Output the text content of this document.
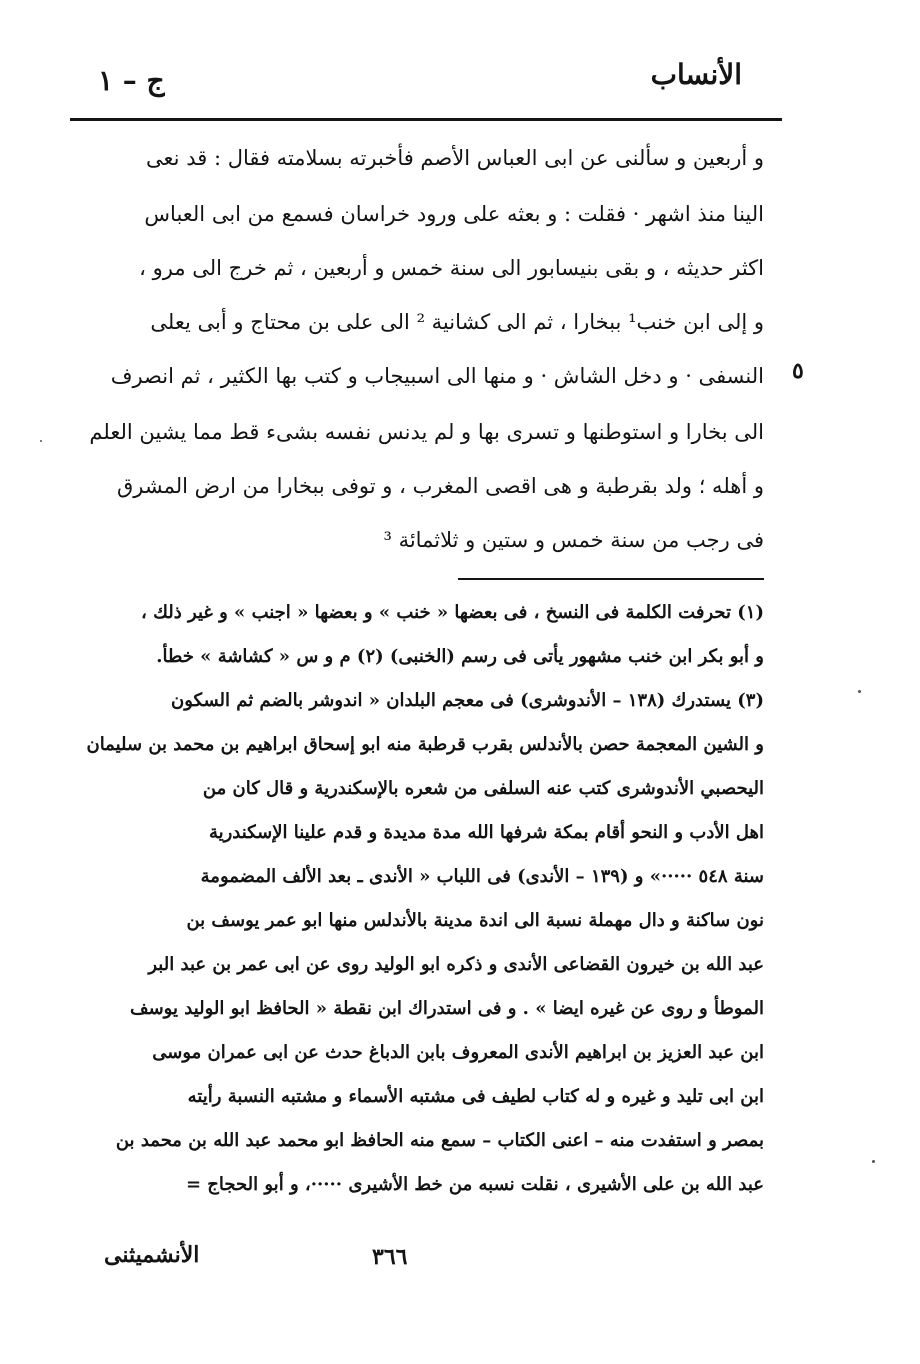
الأنساب
ج – ١
و أربعين و سألنى عن ابى العباس الأصم فأخبرته بسلامته فقال : قد نعى
الينا منذ اشهر · فقلت : و بعثه على ورود خراسان فسمع من ابى العباس
اكثر حديثه ، و بقى بنيسابور الى سنة خمس و أربعين ، ثم خرج الى مرو ،
و إلى ابن خنب¹ ببخارا ، ثم الى كشانية ² الى على بن محتاج و أبى يعلى
النسفى · و دخل الشاش · و منها الى اسبيجاب و كتب بها الكثير ، ثم انصرف
الى بخارا و استوطنها و تسرى بها و لم يدنس نفسه بشىء قط مما يشين العلم
و أهله ؛ ولد بقرطبة و هى اقصى المغرب ، و توفى ببخارا من ارض المشرق
فى رجب من سنة خمس و ستين و ثلاثمائة ³
٥
(١) تحرفت الكلمة فى النسخ ، فى بعضها « خنب » و بعضها « اجنب » و غير ذلك ،
و أبو بكر ابن خنب مشهور يأتى فى رسم (الخنبى) (٢) م و س « كشاشة » خطأ.
(٣) يستدرك (١٣٨ – الأندوشرى) فى معجم البلدان « اندوشر بالضم ثم السكون
و الشين المعجمة حصن بالأندلس بقرب قرطبة منه ابو إسحاق ابراهيم بن محمد بن سليمان
اليحصبي الأندوشرى كتب عنه السلفى من شعره بالإسكندرية و قال كان من
اهل الأدب و النحو أقام بمكة شرفها الله مدة مديدة و قدم علينا الإسكندرية
سنة ٥٤٨ ·····» و (١٣٩ – الأندى) فى اللباب « الأندى ـ بعد الألف المضمومة
نون ساكنة و دال مهملة نسبة الى اندة مدينة بالأندلس منها ابو عمر يوسف بن
عبد الله بن خيرون القضاعى الأندى و ذكره ابو الوليد روى عن ابى عمر بن عبد البر
الموطأ و روى عن غيره ايضا » . و فى استدراك ابن نقطة « الحافظ ابو الوليد يوسف
ابن عبد العزيز بن ابراهيم الأندى المعروف بابن الدباغ حدث عن ابى عمران موسى
ابن ابى تليد و غيره و له كتاب لطيف فى مشتبه الأسماء و مشتبه النسبة رأيته
بمصر و استفدت منه – اعنى الكتاب – سمع منه الحافظ ابو محمد عبد الله بن محمد بن
عبد الله بن على الأشيرى ، نقلت نسبه من خط الأشيرى ·····، و أبو الحجاج =
٣٦٦
الأنشميثنى
